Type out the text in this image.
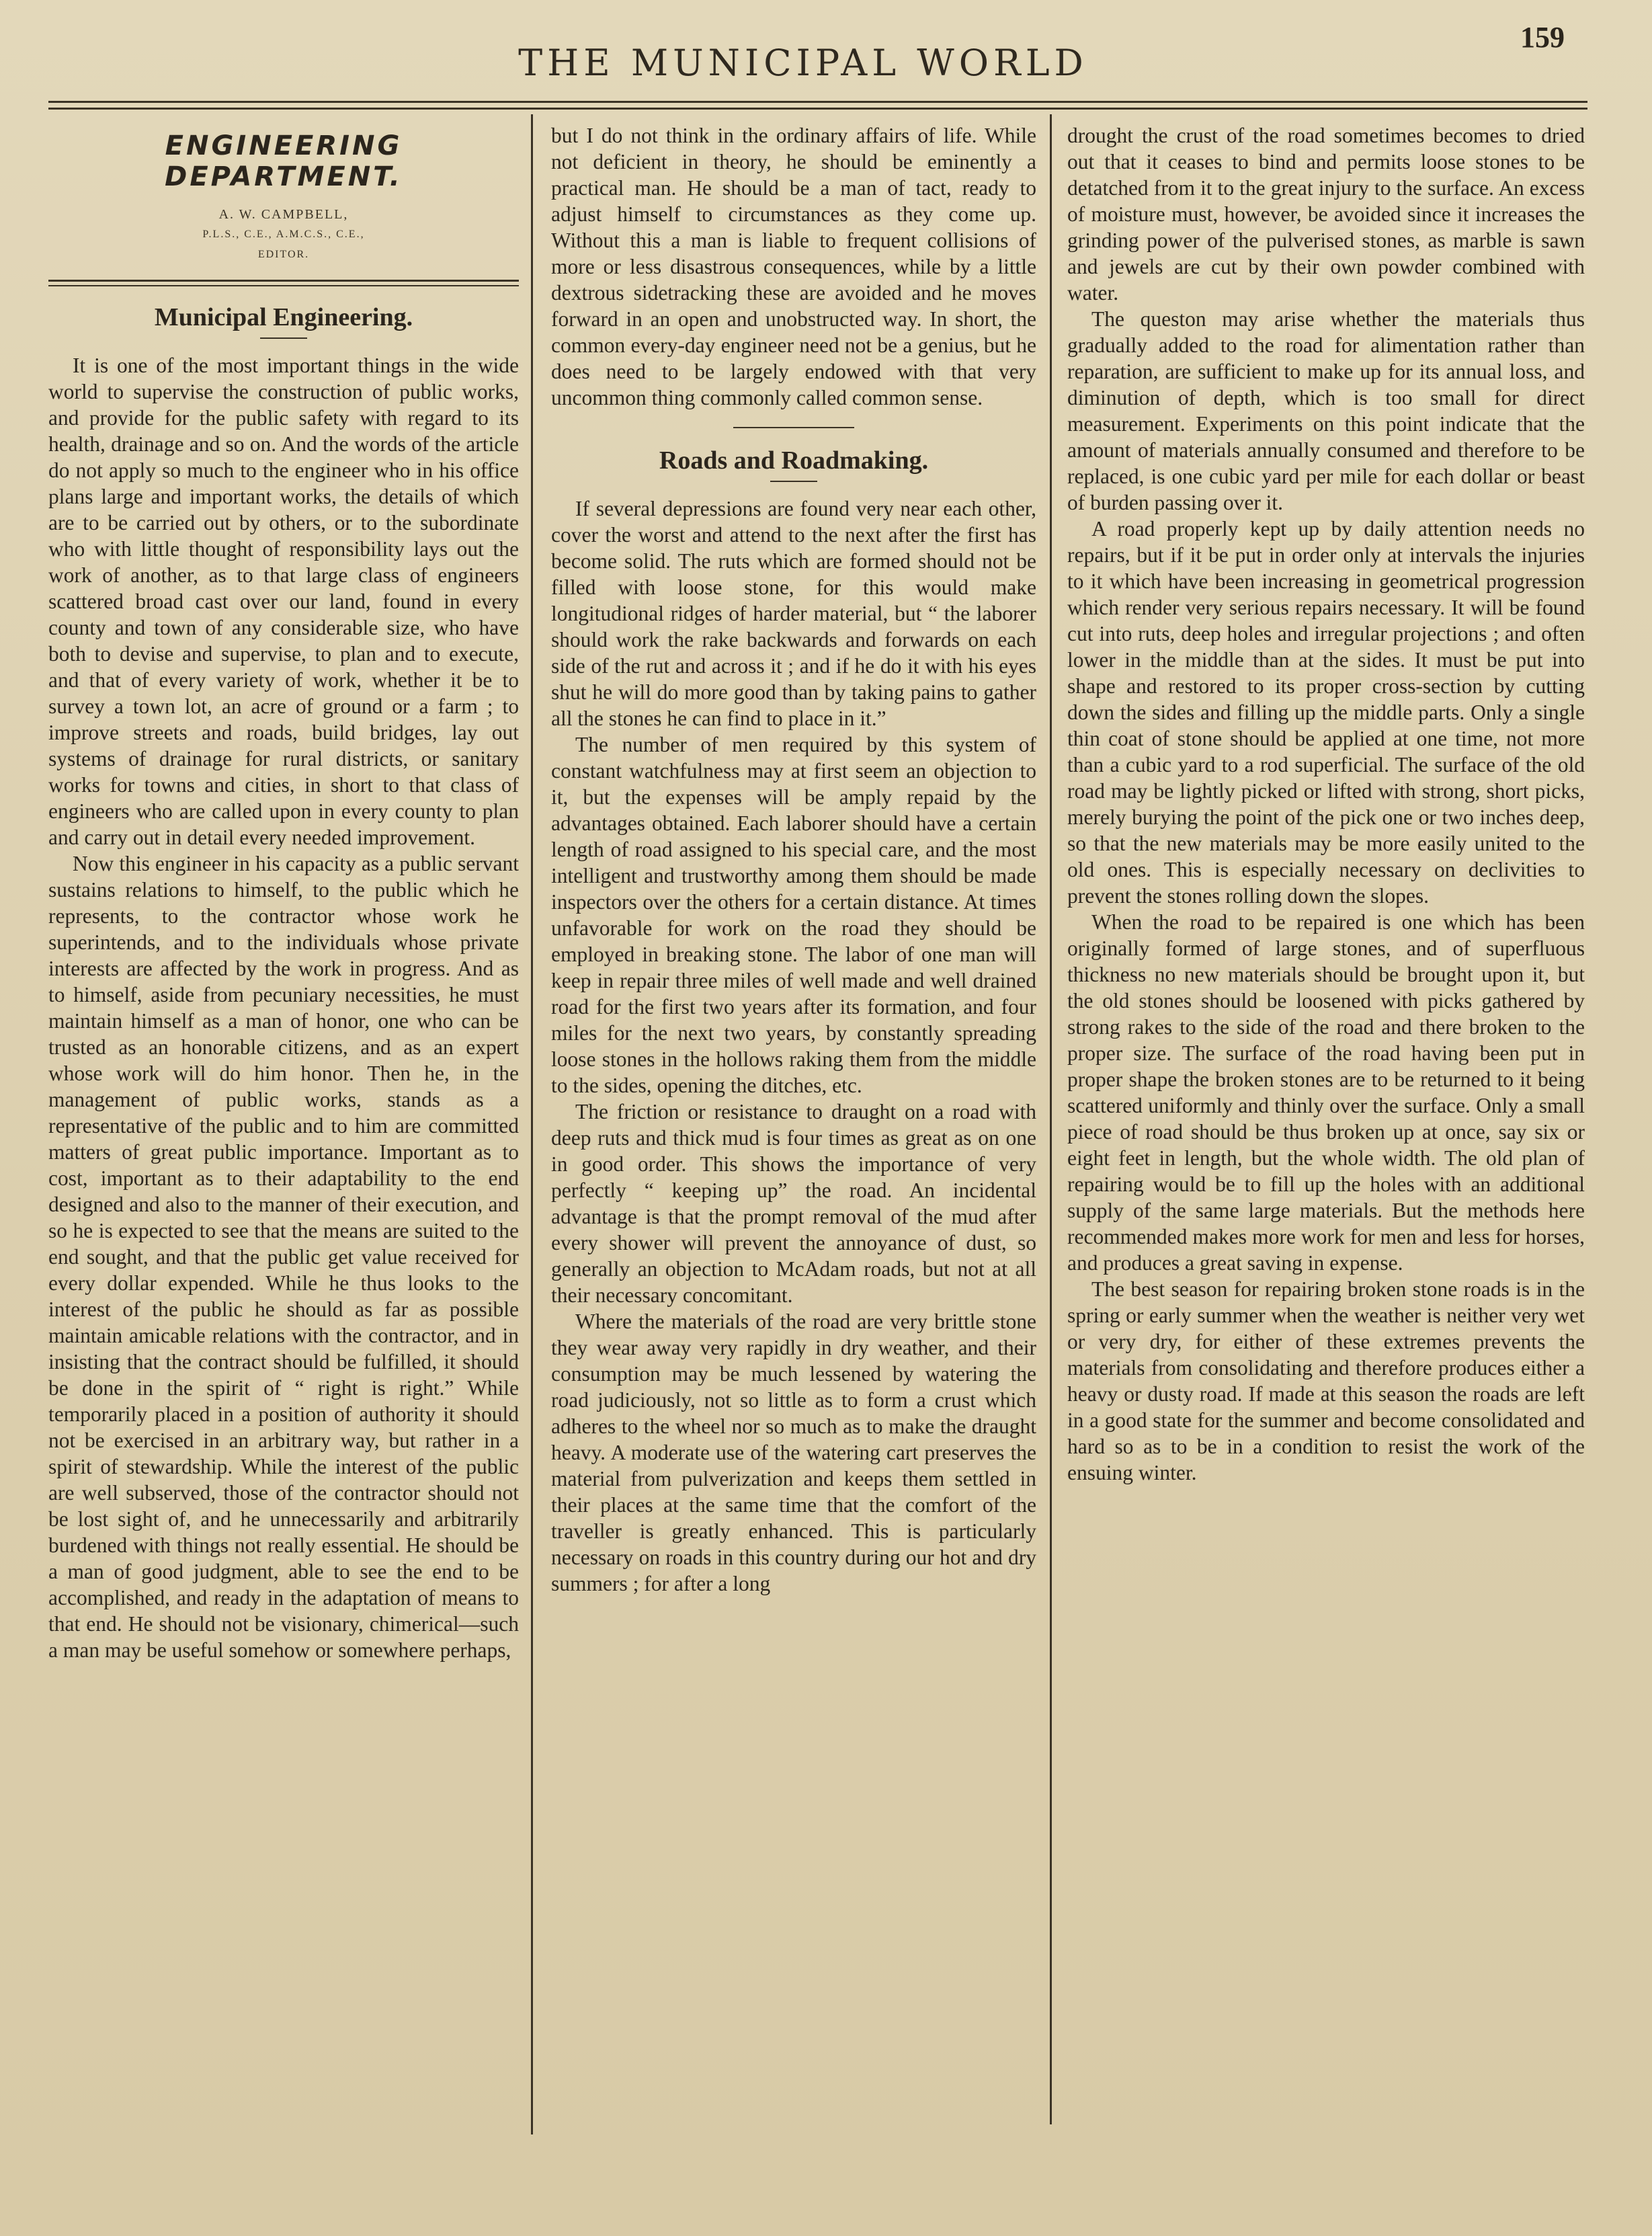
159
THE MUNICIPAL WORLD
ENGINEERING DEPARTMENT.
A. W. CAMPBELL,
P.L.S., C.E., A.M.C.S., C.E.,
EDITOR.
Municipal Engineering.

It is one of the most important things in the wide world to supervise the construction of public works, and provide for the public safety with regard to its health, drainage and so on. And the words of the article do not apply so much to the engineer who in his office plans large and important works, the details of which are to be carried out by others, or to the subordinate who with little thought of responsibility lays out the work of another, as to that large class of engineers scattered broad cast over our land, found in every county and town of any considerable size, who have both to devise and supervise, to plan and to execute, and that of every variety of work, whether it be to survey a town lot, an acre of ground or a farm ; to improve streets and roads, build bridges, lay out systems of drainage for rural districts, or sanitary works for towns and cities, in short to that class of engineers who are called upon in every county to plan and carry out in detail every needed improvement.

Now this engineer in his capacity as a public servant sustains relations to himself, to the public which he represents, to the contractor whose work he superintends, and to the individuals whose private interests are affected by the work in progress. And as to himself, aside from pecuniary necessities, he must maintain himself as a man of honor, one who can be trusted as an honorable citizens, and as an expert whose work will do him honor. Then he, in the management of public works, stands as a representative of the public and to him are committed matters of great public importance. Important as to cost, important as to their adaptability to the end designed and also to the manner of their execution, and so he is expected to see that the means are suited to the end sought, and that the public get value received for every dollar expended. While he thus looks to the interest of the public he should as far as possible maintain amicable relations with the contractor, and in insisting that the contract should be fulfilled, it should be done in the spirit of “ right is right.” While temporarily placed in a position of authority it should not be exercised in an arbitrary way, but rather in a spirit of stewardship. While the interest of the public are well subserved, those of the contractor should not be lost sight of, and he unnecessarily and arbitrarily burdened with things not really essential. He should be a man of good judgment, able to see the end to be accomplished, and ready in the adaptation of means to that end. He should not be visionary, chimerical—such a man may be useful somehow or somewhere perhaps,

but I do not think in the ordinary affairs of life. While not deficient in theory, he should be eminently a practical man. He should be a man of tact, ready to adjust himself to circumstances as they come up. Without this a man is liable to frequent collisions of more or less disastrous consequences, while by a little dextrous sidetracking these are avoided and he moves forward in an open and unobstructed way. In short, the common every-day engineer need not be a genius, but he does need to be largely endowed with that very uncommon thing commonly called common sense.

Roads and Roadmaking.

If several depressions are found very near each other, cover the worst and attend to the next after the first has become solid. The ruts which are formed should not be filled with loose stone, for this would make longitudional ridges of harder material, but “ the laborer should work the rake backwards and forwards on each side of the rut and across it ; and if he do it with his eyes shut he will do more good than by taking pains to gather all the stones he can find to place in it.”

The number of men required by this system of constant watchfulness may at first seem an objection to it, but the expenses will be amply repaid by the advantages obtained. Each laborer should have a certain length of road assigned to his special care, and the most intelligent and trustworthy among them should be made inspectors over the others for a certain distance. At times unfavorable for work on the road they should be employed in breaking stone. The labor of one man will keep in repair three miles of well made and well drained road for the first two years after its formation, and four miles for the next two years, by constantly spreading loose stones in the hollows raking them from the middle to the sides, opening the ditches, etc.

The friction or resistance to draught on a road with deep ruts and thick mud is four times as great as on one in good order. This shows the importance of very perfectly “ keeping up” the road. An incidental advantage is that the prompt removal of the mud after every shower will prevent the annoyance of dust, so generally an objection to McAdam roads, but not at all their necessary concomitant.

Where the materials of the road are very brittle stone they wear away very rapidly in dry weather, and their consumption may be much lessened by watering the road judiciously, not so little as to form a crust which adheres to the wheel nor so much as to make the draught heavy. A moderate use of the watering cart preserves the material from pulverization and keeps them settled in their places at the same time that the comfort of the traveller is greatly enhanced. This is particularly necessary on roads in this country during our hot and dry summers ; for after a long

drought the crust of the road sometimes becomes to dried out that it ceases to bind and permits loose stones to be detatched from it to the great injury to the surface. An excess of moisture must, however, be avoided since it increases the grinding power of the pulverised stones, as marble is sawn and jewels are cut by their own powder combined with water.

The queston may arise whether the materials thus gradually added to the road for alimentation rather than reparation, are sufficient to make up for its annual loss, and diminution of depth, which is too small for direct measurement. Experiments on this point indicate that the amount of materials annually consumed and therefore to be replaced, is one cubic yard per mile for each dollar or beast of burden passing over it.

A road properly kept up by daily attention needs no repairs, but if it be put in order only at intervals the injuries to it which have been increasing in geometrical progression which render very serious repairs necessary. It will be found cut into ruts, deep holes and irregular projections ; and often lower in the middle than at the sides. It must be put into shape and restored to its proper cross-section by cutting down the sides and filling up the middle parts. Only a single thin coat of stone should be applied at one time, not more than a cubic yard to a rod superficial. The surface of the old road may be lightly picked or lifted with strong, short picks, merely burying the point of the pick one or two inches deep, so that the new materials may be more easily united to the old ones. This is especially necessary on declivities to prevent the stones rolling down the slopes.

When the road to be repaired is one which has been originally formed of large stones, and of superfluous thickness no new materials should be brought upon it, but the old stones should be loosened with picks gathered by strong rakes to the side of the road and there broken to the proper size. The surface of the road having been put in proper shape the broken stones are to be returned to it being scattered uniformly and thinly over the surface. Only a small piece of road should be thus broken up at once, say six or eight feet in length, but the whole width. The old plan of repairing would be to fill up the holes with an additional supply of the same large materials. But the methods here recommended makes more work for men and less for horses, and produces a great saving in expense.

The best season for repairing broken stone roads is in the spring or early summer when the weather is neither very wet or very dry, for either of these extremes prevents the materials from consolidating and therefore produces either a heavy or dusty road. If made at this season the roads are left in a good state for the summer and become consolidated and hard so as to be in a condition to resist the work of the ensuing winter.
